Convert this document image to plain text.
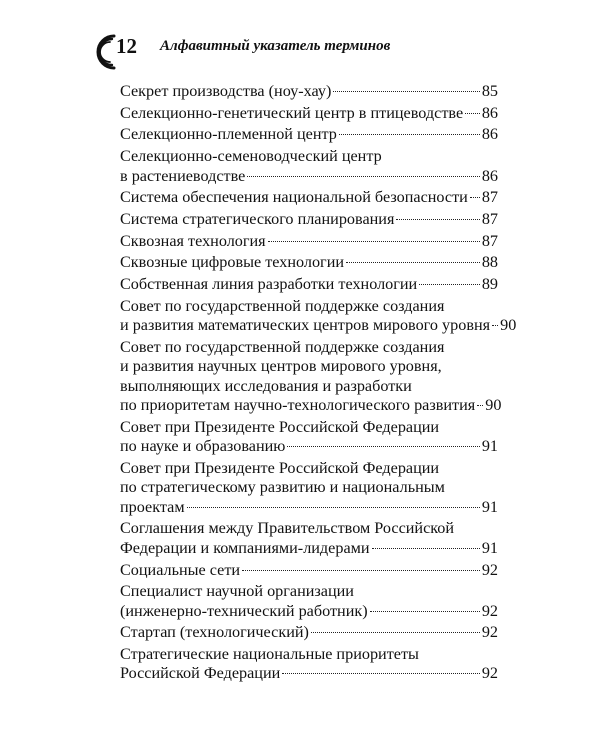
12 Алфавитный указатель терминов
Секрет производства (ноу-хау)	85
Селекционно-генетический центр в птицеводстве 86
Селекционно-племенной центр	86
Селекционно-семеноводческий центр
в растениеводстве	86
Система обеспечения национальной безопасности 87
Система стратегического планирования	87
Сквозная технология	87
Сквозные цифровые технологии	88
Собственная линия разработки технологии	89
Совет по государственной поддержке создания
и развития математических центров мирового уровня 90
Совет по государственной поддержке создания
и развития научных центров мирового уровня,
выполняющих исследования и разработки
по приоритетам научно-технологического развития 90
Совет при Президенте Российской Федерации
по науке и образованию	91
Совет при Президенте Российской Федерации
по стратегическому развитию и национальным
проектам	91
Соглашения между Правительством Российской
Федерации и компаниями-лидерами	91
Социальные сети	92
Специалист научной организации
(инженерно-технический работник)	92
Стартап (технологический)	92
Стратегические национальные приоритеты
Российской Федерации	92
